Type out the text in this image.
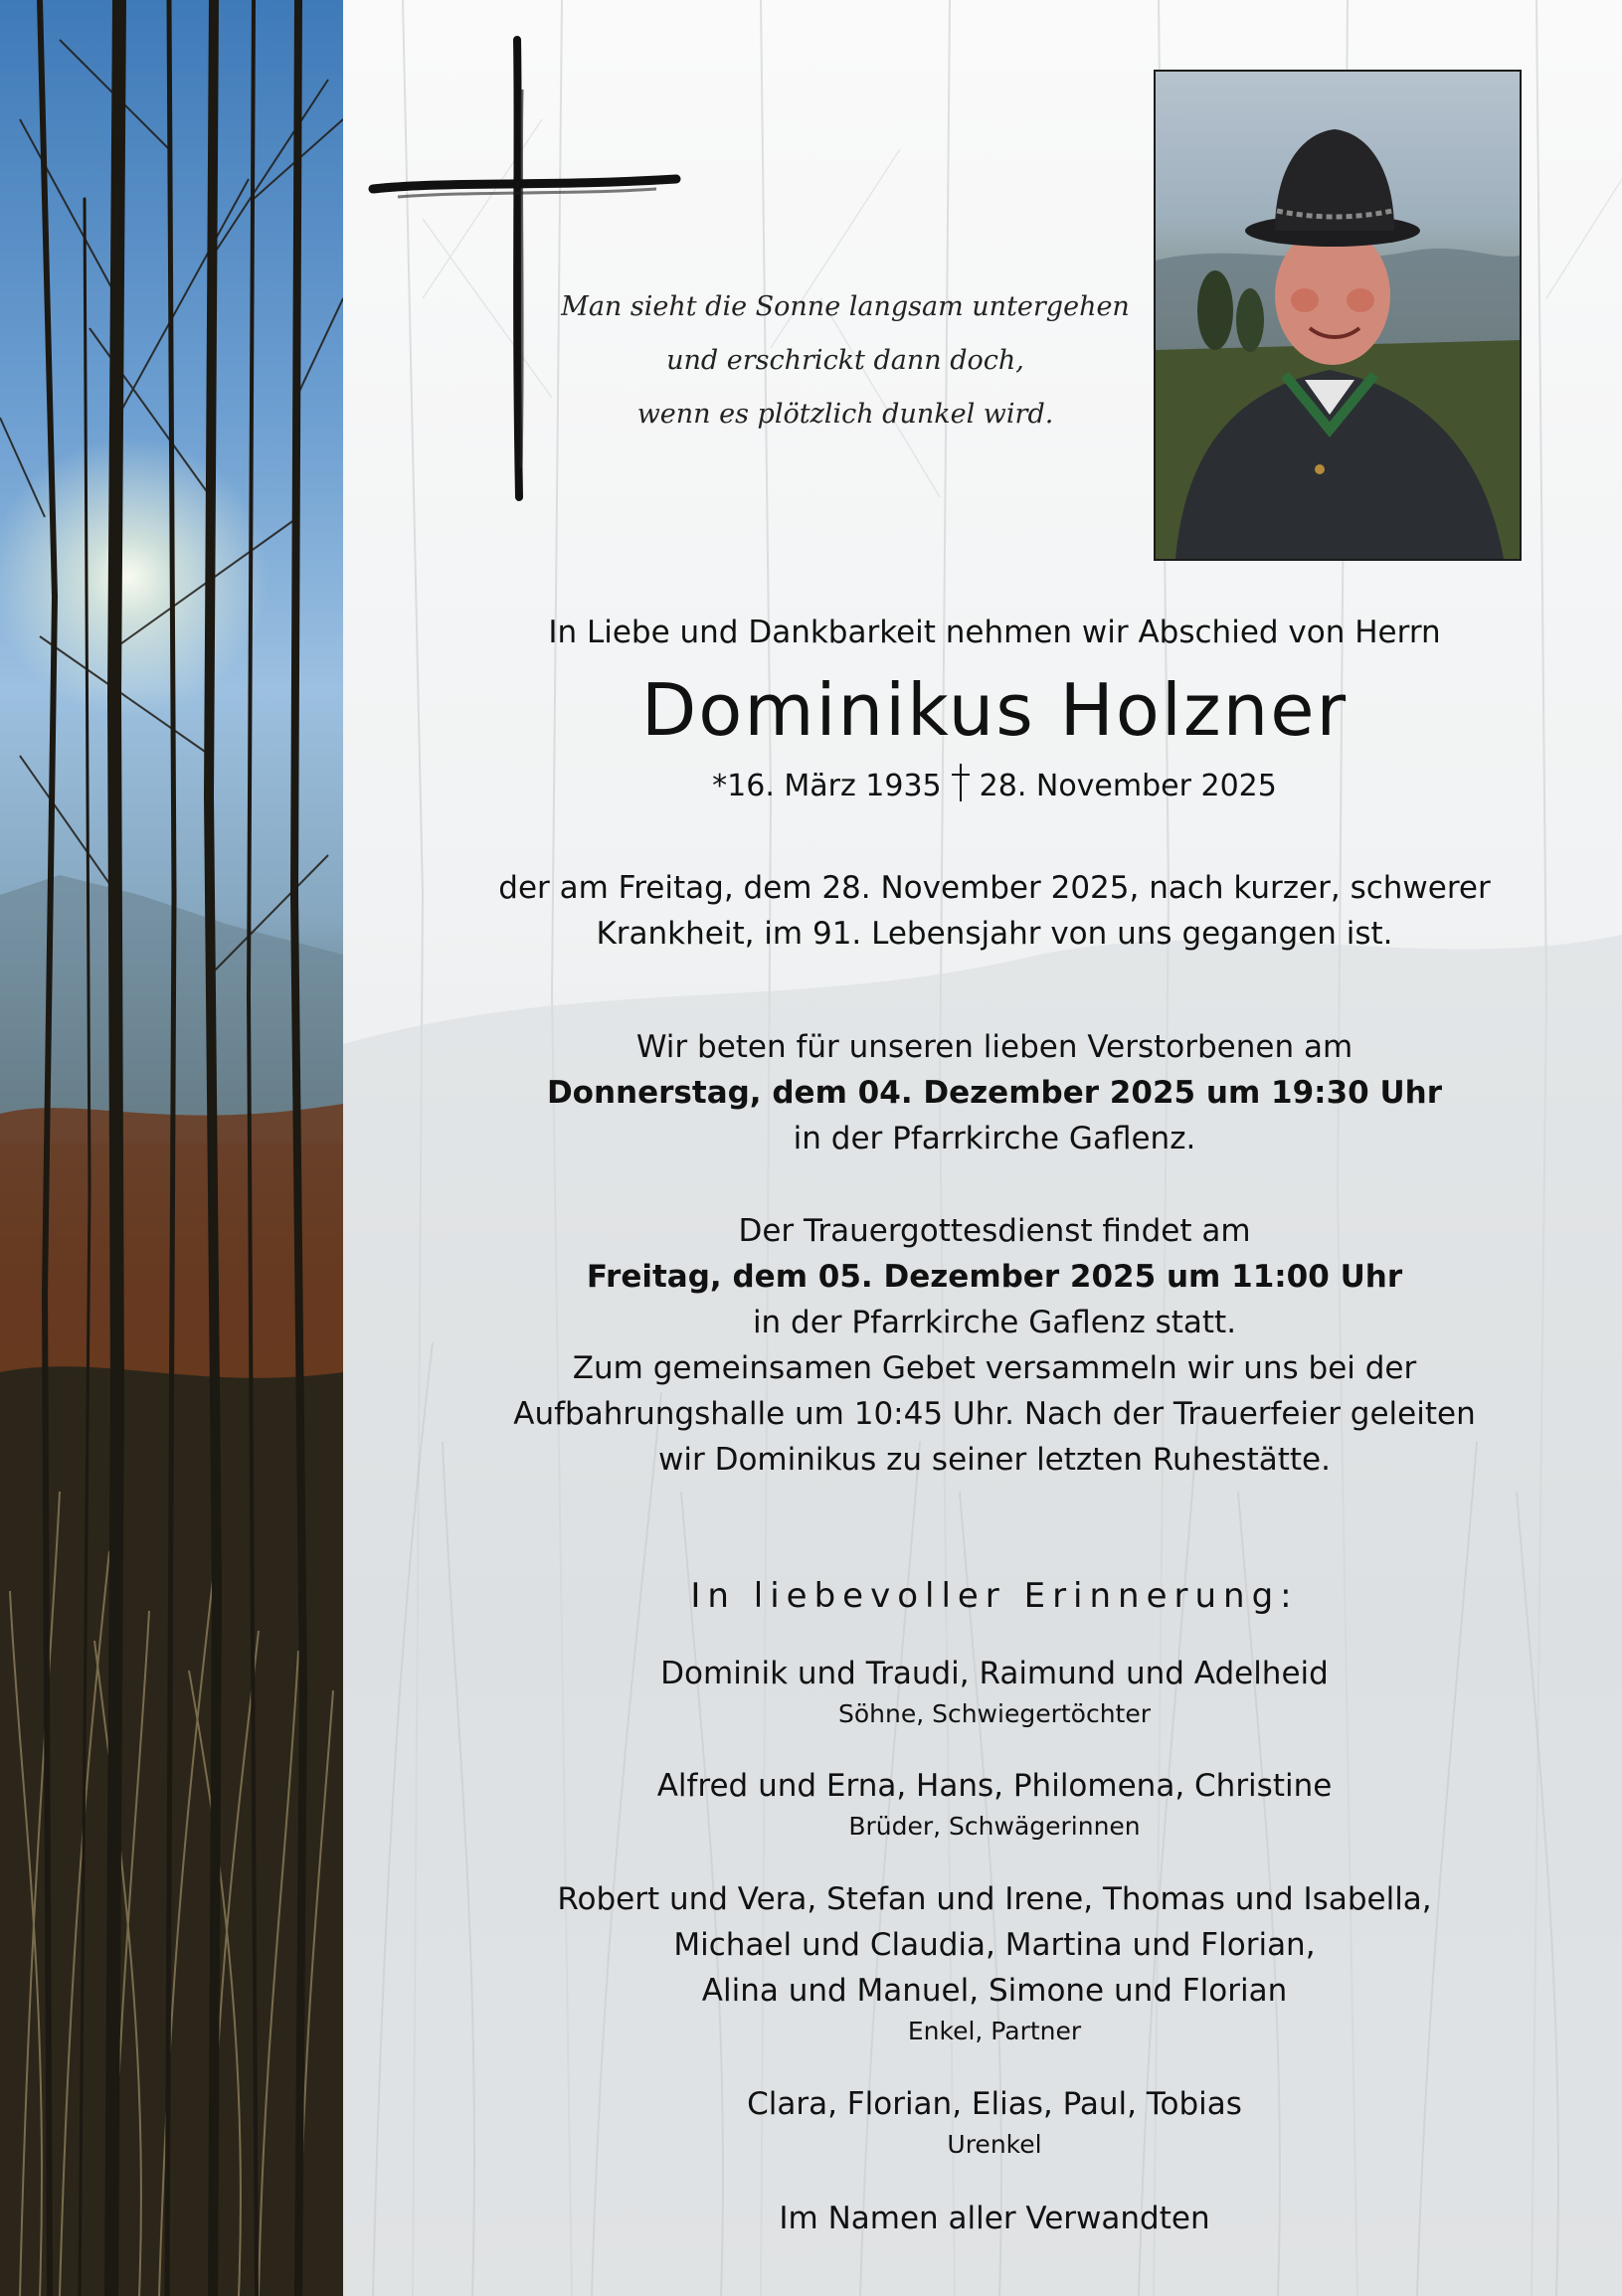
Man sieht die Sonne langsam untergehen
und erschrickt dann doch,
wenn es plötzlich dunkel wird.

In Liebe und Dankbarkeit nehmen wir Abschied von Herrn
Dominikus Holzner
*16. März 1935 28. November 2025
der am Freitag, dem 28. November 2025, nach kurzer, schwerer
Krankheit, im 91. Lebensjahr von uns gegangen ist.
Wir beten für unseren lieben Verstorbenen am
Donnerstag, dem 04. Dezember 2025 um 19:30 Uhr
in der Pfarrkirche Gaflenz.
Der Trauergottesdienst findet am
Freitag, dem 05. Dezember 2025 um 11:00 Uhr
in der Pfarrkirche Gaflenz statt.
Zum gemeinsamen Gebet versammeln wir uns bei der
Aufbahrungshalle um 10:45 Uhr. Nach der Trauerfeier geleiten
wir Dominikus zu seiner letzten Ruhestätte.
In liebevoller Erinnerung:
Dominik und Traudi, Raimund und Adelheid
Söhne, Schwiegertöchter
Alfred und Erna, Hans, Philomena, Christine
Brüder, Schwägerinnen
Robert und Vera, Stefan und Irene, Thomas und Isabella,
Michael und Claudia, Martina und Florian,
Alina und Manuel, Simone und Florian
Enkel, Partner
Clara, Florian, Elias, Paul, Tobias
Urenkel
Im Namen aller Verwandten
